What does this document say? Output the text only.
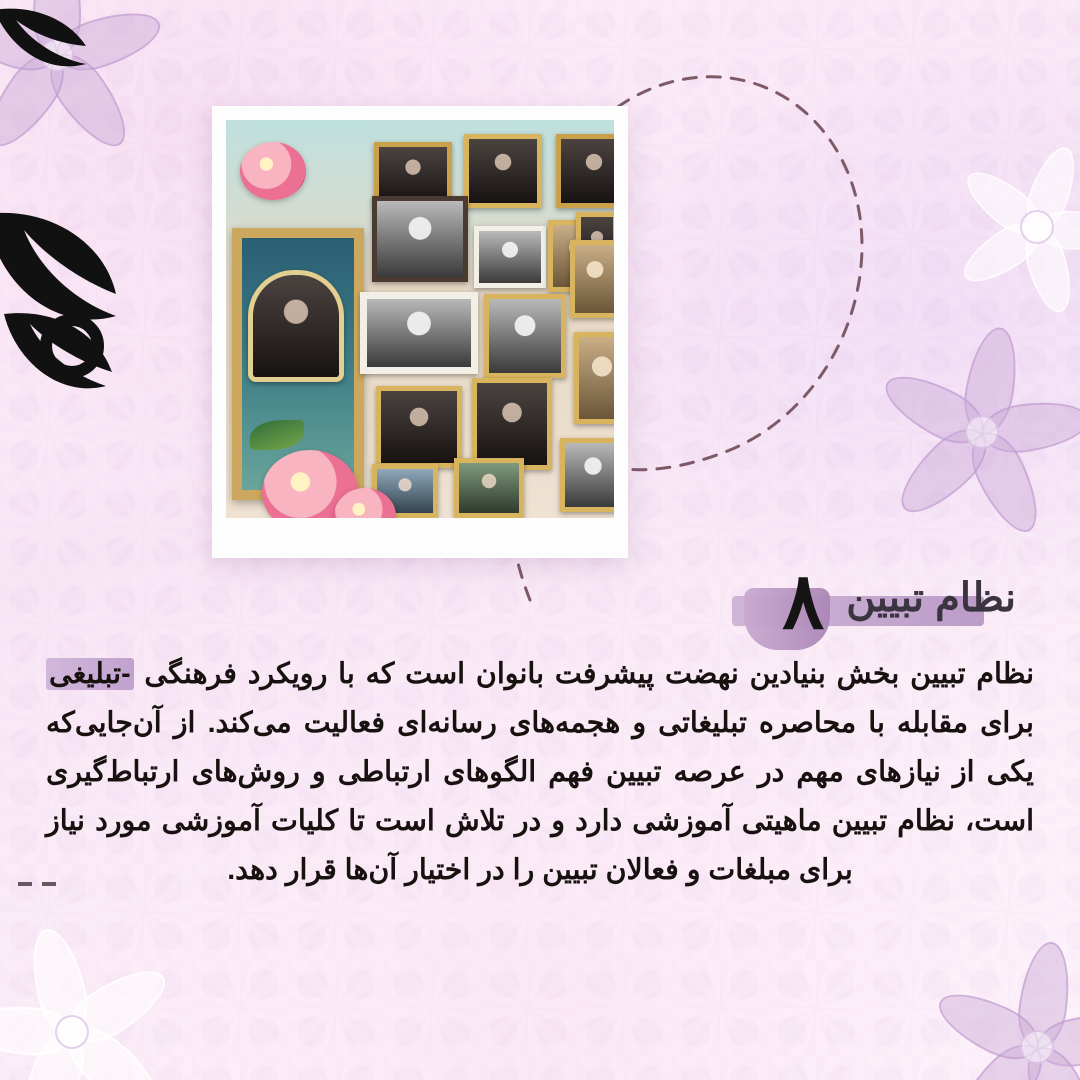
نظام تبیین
۸
نظام تبیین بخش بنیادین نهضت پیشرفت بانوان است که با رویکرد فرهنگی -تبلیغی برای مقابله با محاصره تبلیغاتی و هجمه‌های رسانه‌ای فعالیت می‌کند. از آن‌جایی‌که یکی از نیازهای مهم در عرصه تبیین فهم الگوهای ارتباطی و روش‌های ارتباط‌گیری است، نظام تبیین ماهیتی آموزشی دارد و در تلاش است تا کلیات آموزشی مورد نیاز برای مبلغات و فعالان تبیین را در اختیار آن‌ها قرار دهد.
